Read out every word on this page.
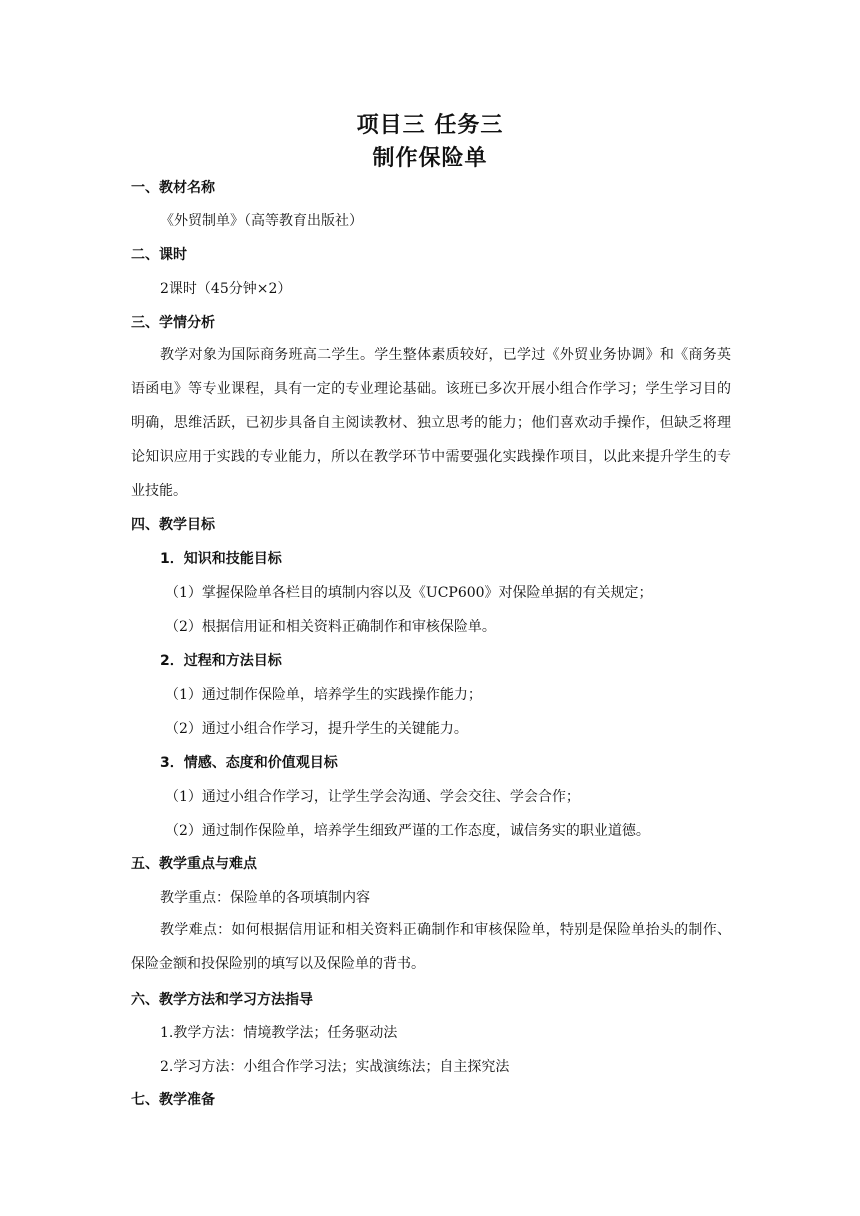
项目三 任务三
制作保险单
一、教材名称
《外贸制单》（高等教育出版社）
二、课时
2课时（45分钟×2）
三、学情分析
教学对象为国际商务班高二学生。学生整体素质较好，已学过《外贸业务协调》和《商务英语函电》等专业课程，具有一定的专业理论基础。该班已多次开展小组合作学习；学生学习目的明确，思维活跃，已初步具备自主阅读教材、独立思考的能力；他们喜欢动手操作，但缺乏将理论知识应用于实践的专业能力，所以在教学环节中需要强化实践操作项目，以此来提升学生的专业技能。
四、教学目标
1．知识和技能目标
（1）掌握保险单各栏目的填制内容以及《UCP600》对保险单据的有关规定；
（2）根据信用证和相关资料正确制作和审核保险单。
2．过程和方法目标
（1）通过制作保险单，培养学生的实践操作能力；
（2）通过小组合作学习，提升学生的关键能力。
3．情感、态度和价值观目标
（1）通过小组合作学习，让学生学会沟通、学会交往、学会合作；
（2）通过制作保险单，培养学生细致严谨的工作态度，诚信务实的职业道德。
五、教学重点与难点
教学重点：保险单的各项填制内容
教学难点：如何根据信用证和相关资料正确制作和审核保险单，特别是保险单抬头的制作、保险金额和投保险别的填写以及保险单的背书。
六、教学方法和学习方法指导
1.教学方法：情境教学法；任务驱动法
2.学习方法：小组合作学习法；实战演练法；自主探究法
七、教学准备
